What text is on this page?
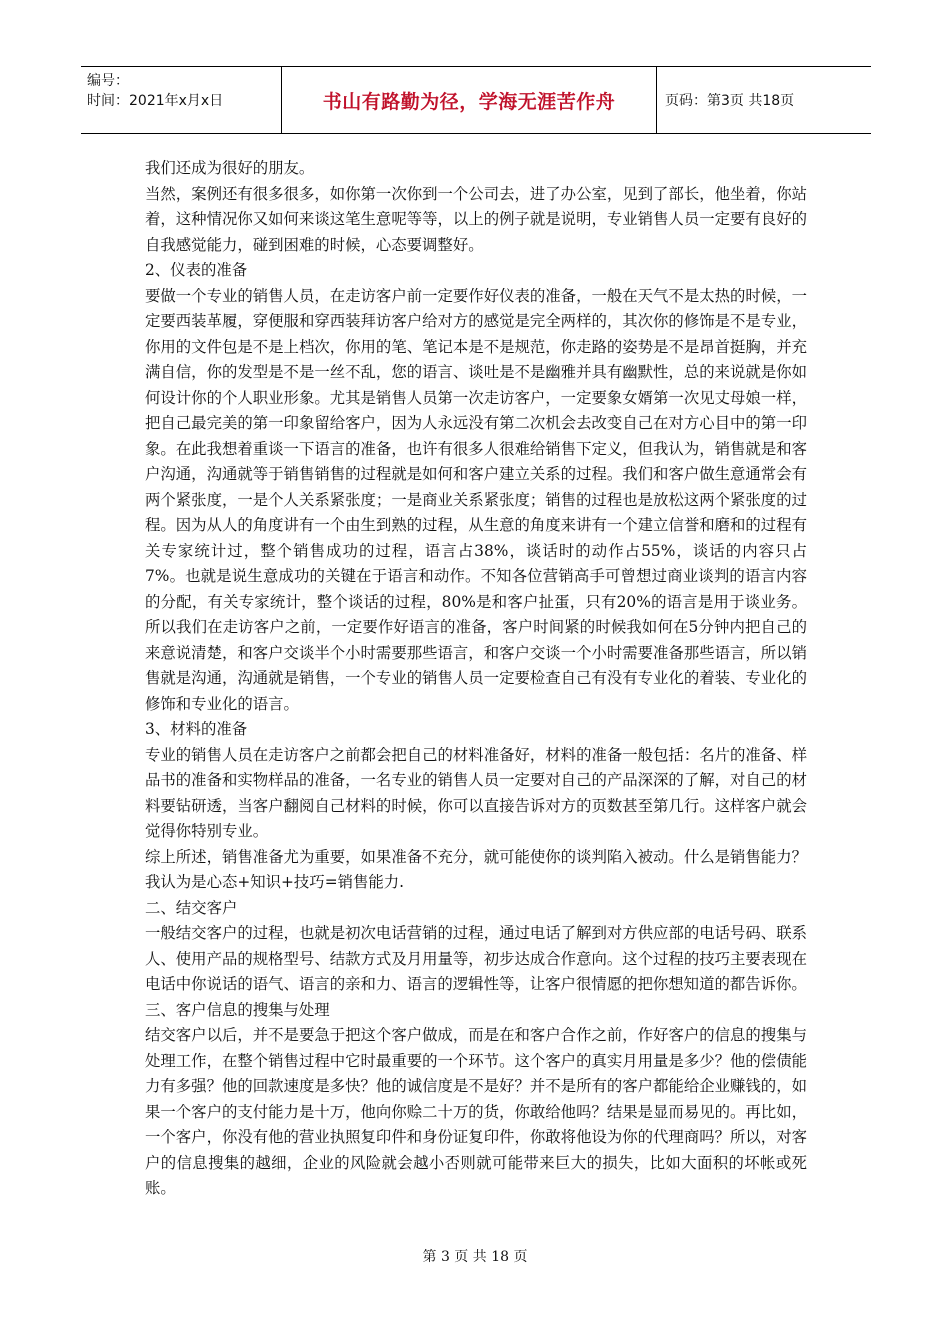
编号：
时间：2021年x月x日	书山有路勤为径，学海无涯苦作舟	页码：第3页 共18页

我们还成为很好的朋友。

当然，案例还有很多很多，如你第一次你到一个公司去，进了办公室，见到了部长，他坐着，你站着，这种情况你又如何来谈这笔生意呢等等，以上的例子就是说明，专业销售人员一定要有良好的自我感觉能力，碰到困难的时候，心态要调整好。

2、仪表的准备

要做一个专业的销售人员，在走访客户前一定要作好仪表的准备，一般在天气不是太热的时候，一定要西装革履，穿便服和穿西装拜访客户给对方的感觉是完全两样的，其次你的修饰是不是专业，你用的文件包是不是上档次，你用的笔、笔记本是不是规范，你走路的姿势是不是昂首挺胸，并充满自信，你的发型是不是一丝不乱，您的语言、谈吐是不是幽雅并具有幽默性，总的来说就是你如何设计你的个人职业形象。尤其是销售人员第一次走访客户，一定要象女婿第一次见丈母娘一样，把自己最完美的第一印象留给客户，因为人永远没有第二次机会去改变自己在对方心目中的第一印象。在此我想着重谈一下语言的准备，也许有很多人很难给销售下定义，但我认为，销售就是和客户沟通，沟通就等于销售销售的过程就是如何和客户建立关系的过程。我们和客户做生意通常会有两个紧张度，一是个人关系紧张度；一是商业关系紧张度；销售的过程也是放松这两个紧张度的过程。因为从人的角度讲有一个由生到熟的过程，从生意的角度来讲有一个建立信誉和磨和的过程有关专家统计过，整个销售成功的过程，语言占38%，谈话时的动作占55%，谈话的内容只占7%。也就是说生意成功的关键在于语言和动作。不知各位营销高手可曾想过商业谈判的语言内容的分配，有关专家统计，整个谈话的过程，80%是和客户扯蛋，只有20%的语言是用于谈业务。所以我们在走访客户之前，一定要作好语言的准备，客户时间紧的时候我如何在5分钟内把自己的来意说清楚，和客户交谈半个小时需要那些语言，和客户交谈一个小时需要准备那些语言，所以销售就是沟通，沟通就是销售，一个专业的销售人员一定要检查自己有没有专业化的着装、专业化的修饰和专业化的语言。

3、材料的准备

专业的销售人员在走访客户之前都会把自己的材料准备好，材料的准备一般包括：名片的准备、样品书的准备和实物样品的准备，一名专业的销售人员一定要对自己的产品深深的了解，对自己的材料要钻研透，当客户翻阅自己材料的时候，你可以直接告诉对方的页数甚至第几行。这样客户就会觉得你特别专业。

综上所述，销售准备尤为重要，如果准备不充分，就可能使你的谈判陷入被动。什么是销售能力？我认为是心态+知识+技巧=销售能力.

二、结交客户

一般结交客户的过程，也就是初次电话营销的过程，通过电话了解到对方供应部的电话号码、联系人、使用产品的规格型号、结款方式及月用量等，初步达成合作意向。这个过程的技巧主要表现在电话中你说话的语气、语言的亲和力、语言的逻辑性等，让客户很情愿的把你想知道的都告诉你。

三、客户信息的搜集与处理

结交客户以后，并不是要急于把这个客户做成，而是在和客户合作之前，作好客户的信息的搜集与处理工作，在整个销售过程中它时最重要的一个环节。这个客户的真实月用量是多少？他的偿债能力有多强？他的回款速度是多快？他的诚信度是不是好？并不是所有的客户都能给企业赚钱的，如果一个客户的支付能力是十万，他向你赊二十万的货，你敢给他吗？结果是显而易见的。再比如，一个客户，你没有他的营业执照复印件和身份证复印件，你敢将他设为你的代理商吗？所以，对客户的信息搜集的越细，企业的风险就会越小否则就可能带来巨大的损失，比如大面积的坏帐或死账。

第 3 页 共 18 页
